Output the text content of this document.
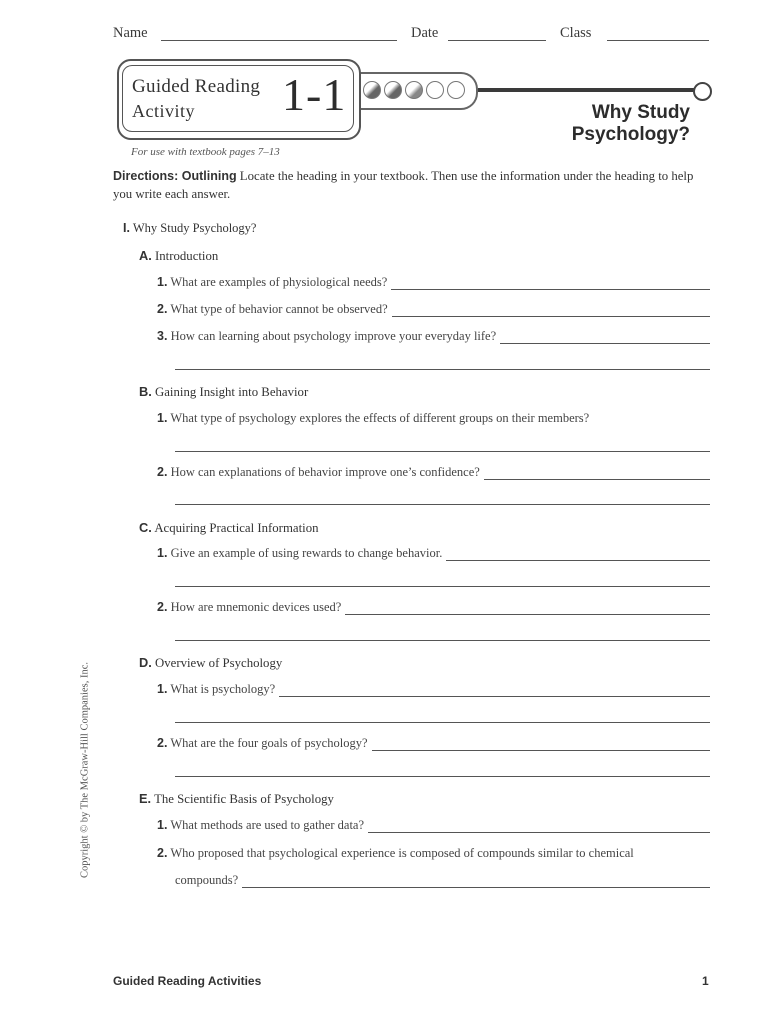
Name	Date	Class
Guided Reading
Activity 1-1	Why Study
Psychology?
For use with textbook pages 7–13
Directions: Outlining Locate the heading in your textbook. Then use the information under the heading to help you write each answer.
I. Why Study Psychology?
A. Introduction
1. What are examples of physiological needs?
2. What type of behavior cannot be observed?
3. How can learning about psychology improve your everyday life?
B. Gaining Insight into Behavior
1. What type of psychology explores the effects of different groups on their members?
2. How can explanations of behavior improve one’s confidence?
C. Acquiring Practical Information
1. Give an example of using rewards to change behavior.
2. How are mnemonic devices used?
D. Overview of Psychology
1. What is psychology?
2. What are the four goals of psychology?
E. The Scientific Basis of Psychology
1. What methods are used to gather data?
2. Who proposed that psychological experience is composed of compounds similar to chemical
compounds?
Copyright © by The McGraw-Hill Companies, Inc.
Guided Reading Activities	1
